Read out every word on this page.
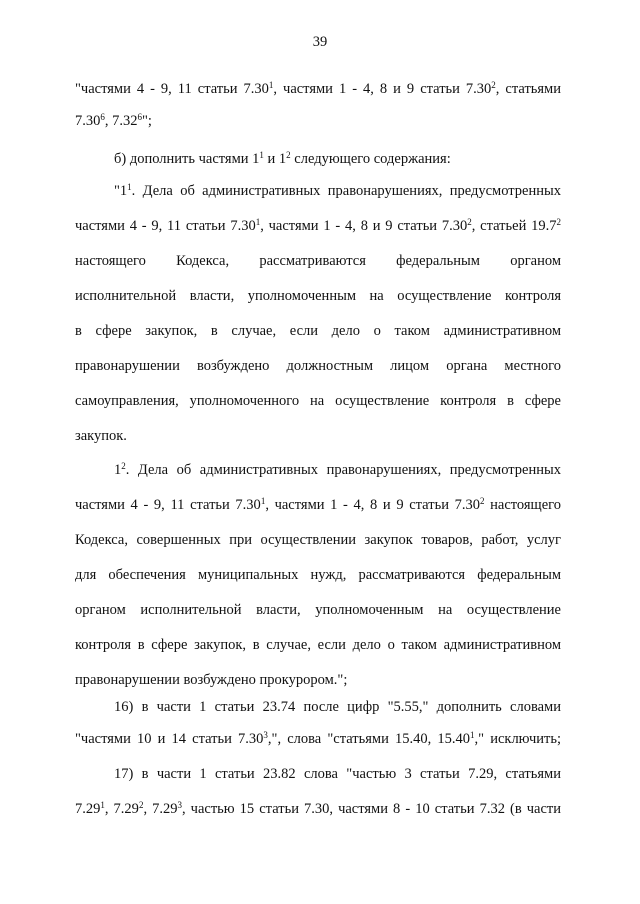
39
"частями 4 - 9, 11 статьи 7.30$^1$, частями 1 - 4, 8 и 9 статьи 7.30$^2$, статьями
7.30$^6$, 7.32$^6$";
б) дополнить частями $1^1$ и $1^2$ следующего содержания:
"$1^1$. Дела об административных правонарушениях, предусмотренных
частями 4 - 9, 11 статьи 7.30$^1$, частями 1 - 4, 8 и 9 статьи 7.30$^2$, статьей 19.7$^2$
настоящего Кодекса, рассматриваются федеральным органом
исполнительной власти, уполномоченным на осуществление контроля
в сфере закупок, в случае, если дело о таком административном
правонарушении возбуждено должностным лицом органа местного
самоуправления, уполномоченного на осуществление контроля в сфере
закупок.
$1^2$. Дела об административных правонарушениях, предусмотренных
частями 4 - 9, 11 статьи 7.30$^1$, частями 1 - 4, 8 и 9 статьи 7.30$^2$ настоящего
Кодекса, совершенных при осуществлении закупок товаров, работ, услуг
для обеспечения муниципальных нужд, рассматриваются федеральным
органом исполнительной власти, уполномоченным на осуществление
контроля в сфере закупок, в случае, если дело о таком административном
правонарушении возбуждено прокурором.";
16) в части 1 статьи 23.74 после цифр "5.55," дополнить словами
"частями 10 и 14 статьи 7.30$^3$,", слова "статьями 15.40, 15.40$^1$," исключить;
17) в части 1 статьи 23.82 слова "частью 3 статьи 7.29, статьями
7.29$^1$, 7.29$^2$, 7.29$^3$, частью 15 статьи 7.30, частями 8 - 10 статьи 7.32 (в части
